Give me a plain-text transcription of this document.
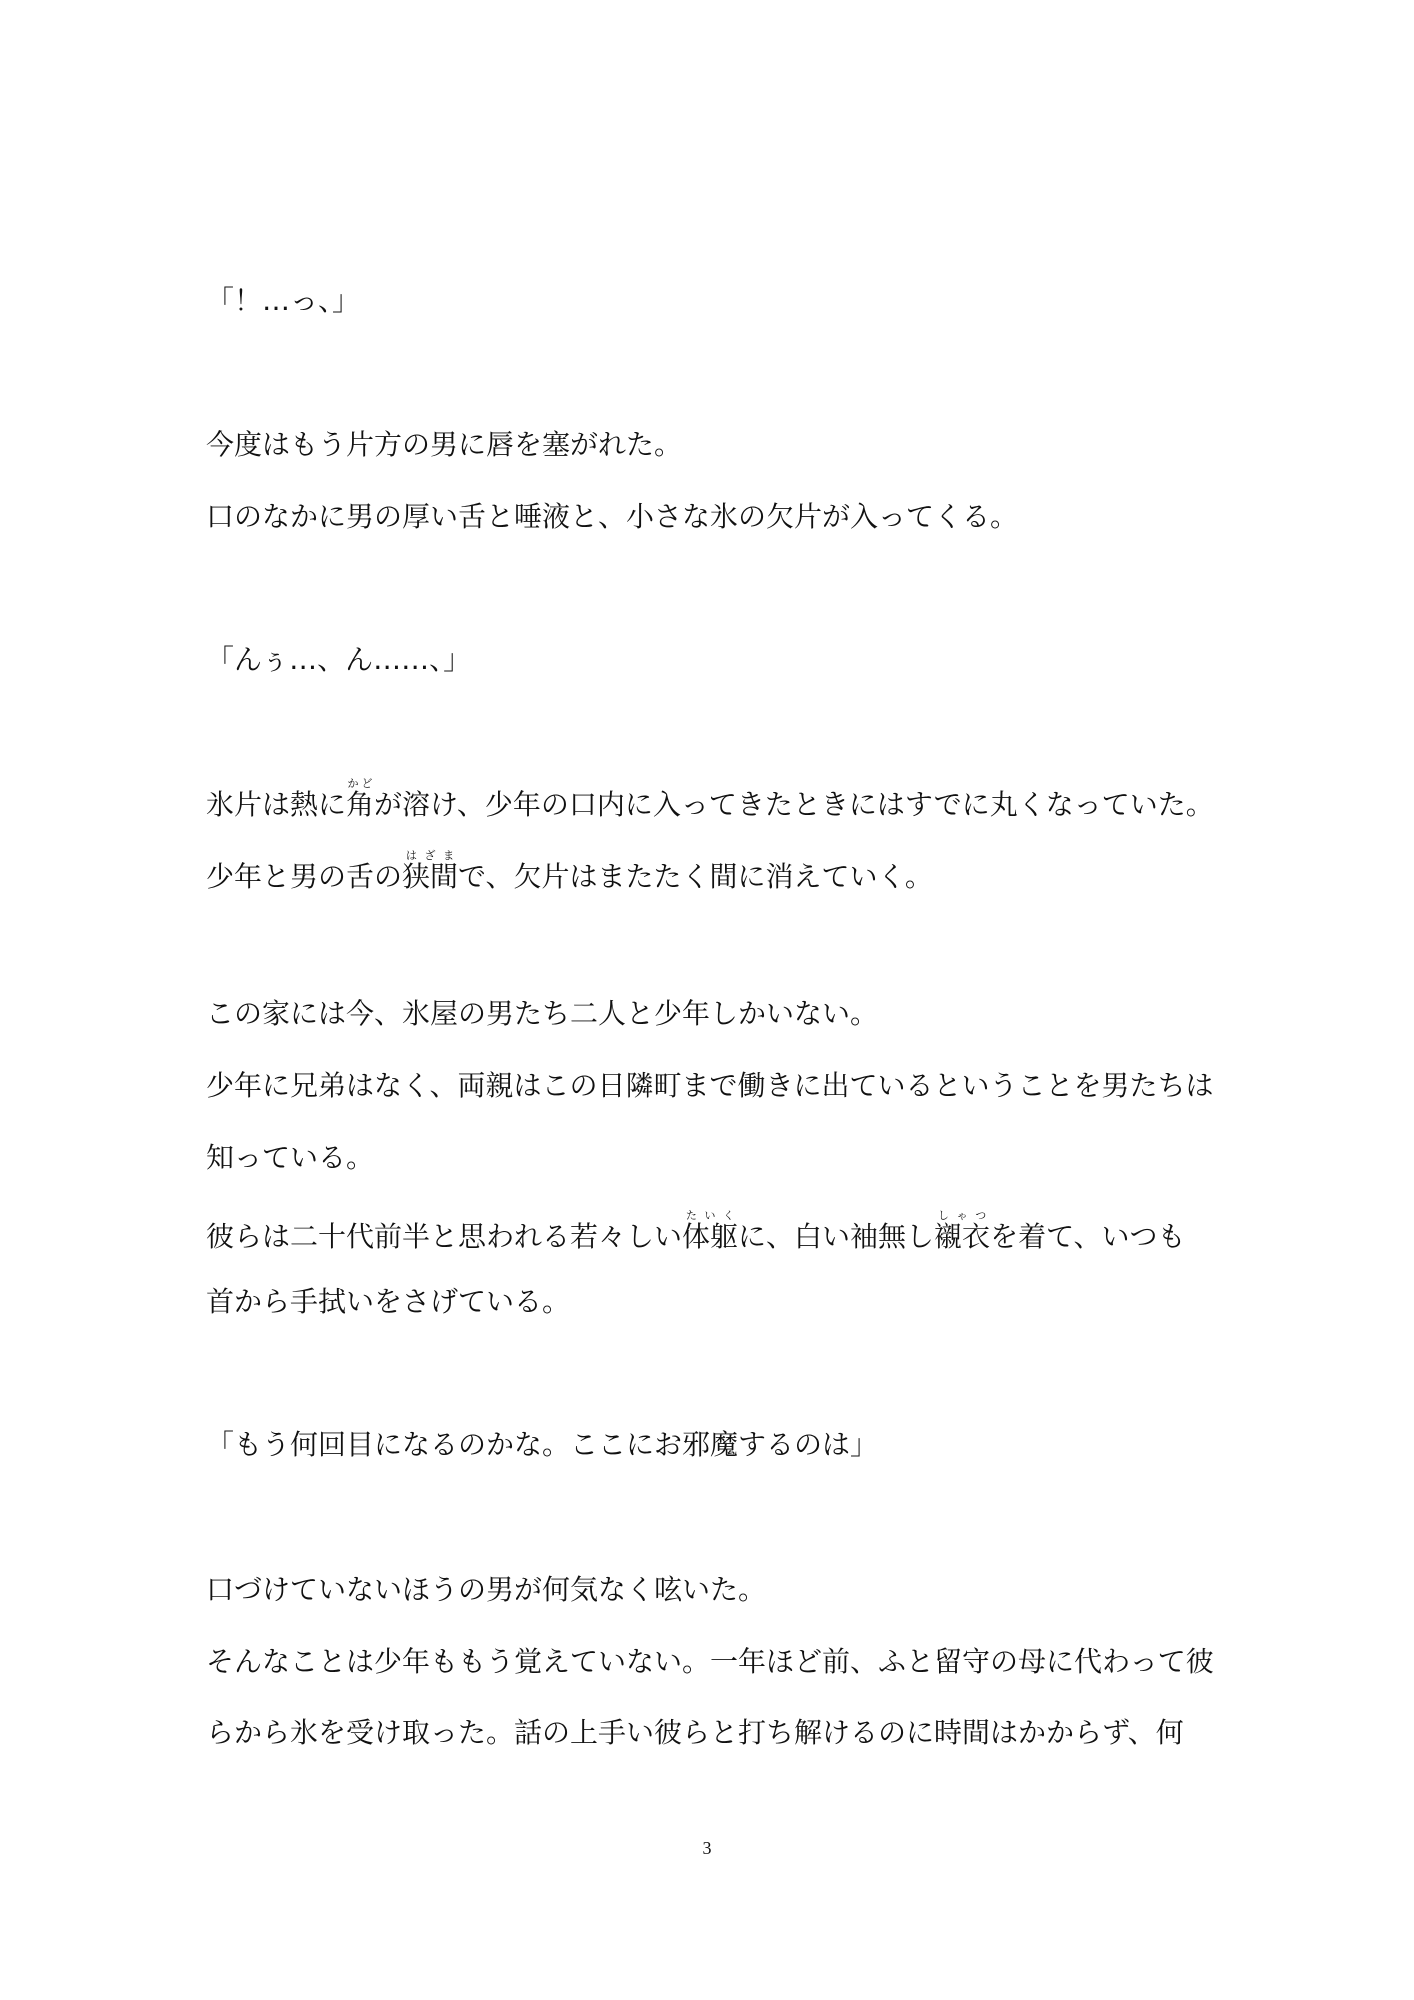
「！…っ、」
今度はもう片方の男に唇を塞がれた。
口のなかに男の厚い舌と唾液と、小さな氷の欠片が入ってくる。
「んぅ…、ん……、」
氷片は熱に角かどが溶け、少年の口内に入ってきたときにはすでに丸くなっていた。
少年と男の舌の狭間はざまで、欠片はまたたく間に消えていく。
この家には今、氷屋の男たち二人と少年しかいない。
少年に兄弟はなく、両親はこの日隣町まで働きに出ているということを男たちは
知っている。
彼らは二十代前半と思われる若々しい体躯たいくに、白い袖無し襯衣しゃつを着て、いつも
首から手拭いをさげている。
「もう何回目になるのかな。ここにお邪魔するのは」
口づけていないほうの男が何気なく呟いた。
そんなことは少年ももう覚えていない。一年ほど前、ふと留守の母に代わって彼
らから氷を受け取った。話の上手い彼らと打ち解けるのに時間はかからず、何
3
